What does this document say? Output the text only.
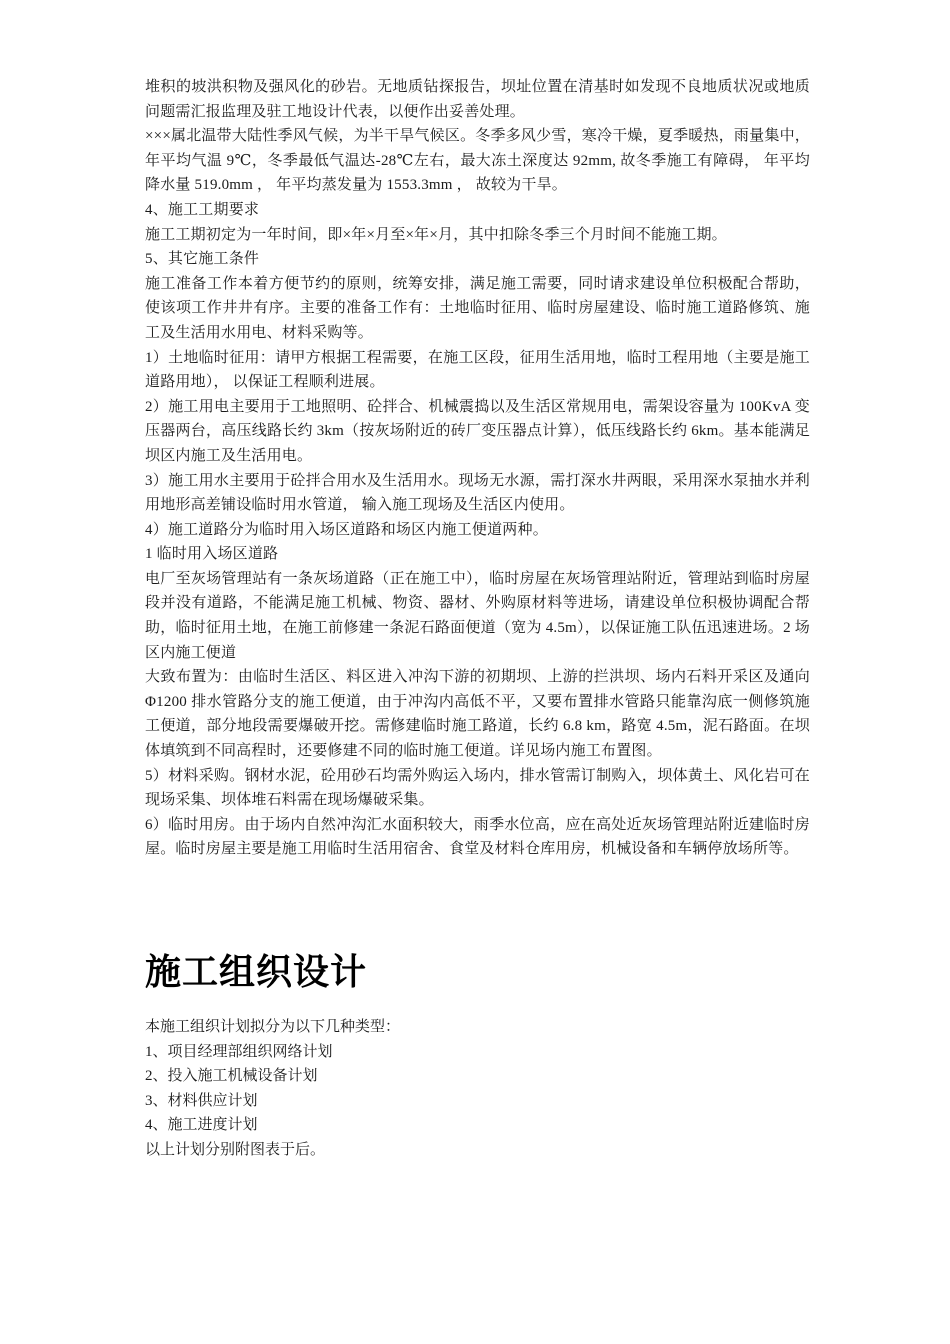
堆积的坡洪积物及强风化的砂岩。无地质钻探报告，坝址位置在清基时如发现不良地质状况或地质问题需汇报监理及驻工地设计代表，以便作出妥善处理。

×××属北温带大陆性季风气候，为半干旱气候区。冬季多风少雪，寒冷干燥，夏季暖热，雨量集中，年平均气温 9℃，冬季最低气温达-28℃左右，最大冻土深度达 92mm, 故冬季施工有障碍， 年平均降水量 519.0mm ， 年平均蒸发量为 1553.3mm ， 故较为干旱。

4、施工工期要求

施工工期初定为一年时间，即×年×月至×年×月，其中扣除冬季三个月时间不能施工期。

5、其它施工条件

施工准备工作本着方便节约的原则，统筹安排，满足施工需要，同时请求建设单位积极配合帮助，使该项工作井井有序。主要的准备工作有：土地临时征用、临时房屋建设、临时施工道路修筑、施工及生活用水用电、材料采购等。

1）土地临时征用：请甲方根据工程需要，在施工区段，征用生活用地，临时工程用地（主要是施工道路用地）， 以保证工程顺利进展。

2）施工用电主要用于工地照明、砼拌合、机械震捣以及生活区常规用电，需架设容量为 100KvA 变压器两台，高压线路长约 3km（按灰场附近的砖厂变压器点计算），低压线路长约 6km。基本能满足坝区内施工及生活用电。

3）施工用水主要用于砼拌合用水及生活用水。现场无水源，需打深水井两眼，采用深水泵抽水并利用地形高差铺设临时用水管道， 输入施工现场及生活区内使用。

4）施工道路分为临时用入场区道路和场区内施工便道两种。

1 临时用入场区道路

电厂至灰场管理站有一条灰场道路（正在施工中），临时房屋在灰场管理站附近，管理站到临时房屋段并没有道路，不能满足施工机械、物资、器材、外购原材料等进场，请建设单位积极协调配合帮助，临时征用土地，在施工前修建一条泥石路面便道（宽为 4.5m），以保证施工队伍迅速进场。2 场区内施工便道

大致布置为：由临时生活区、料区进入冲沟下游的初期坝、上游的拦洪坝、场内石料开采区及通向 Φ1200 排水管路分支的施工便道，由于冲沟内高低不平，又要布置排水管路只能靠沟底一侧修筑施工便道，部分地段需要爆破开挖。需修建临时施工路道，长约 6.8 km，路宽 4.5m，泥石路面。在坝体填筑到不同高程时，还要修建不同的临时施工便道。详见场内施工布置图。

5）材料采购。钢材水泥，砼用砂石均需外购运入场内，排水管需订制购入，坝体黄土、风化岩可在现场采集、坝体堆石料需在现场爆破采集。

6）临时用房。由于场内自然冲沟汇水面积较大，雨季水位高，应在高处近灰场管理站附近建临时房屋。临时房屋主要是施工用临时生活用宿舍、食堂及材料仓库用房，机械设备和车辆停放场所等。

施工组织设计

本施工组织计划拟分为以下几种类型：

1、项目经理部组织网络计划

2、投入施工机械设备计划

3、材料供应计划

4、施工进度计划

以上计划分别附图表于后。
